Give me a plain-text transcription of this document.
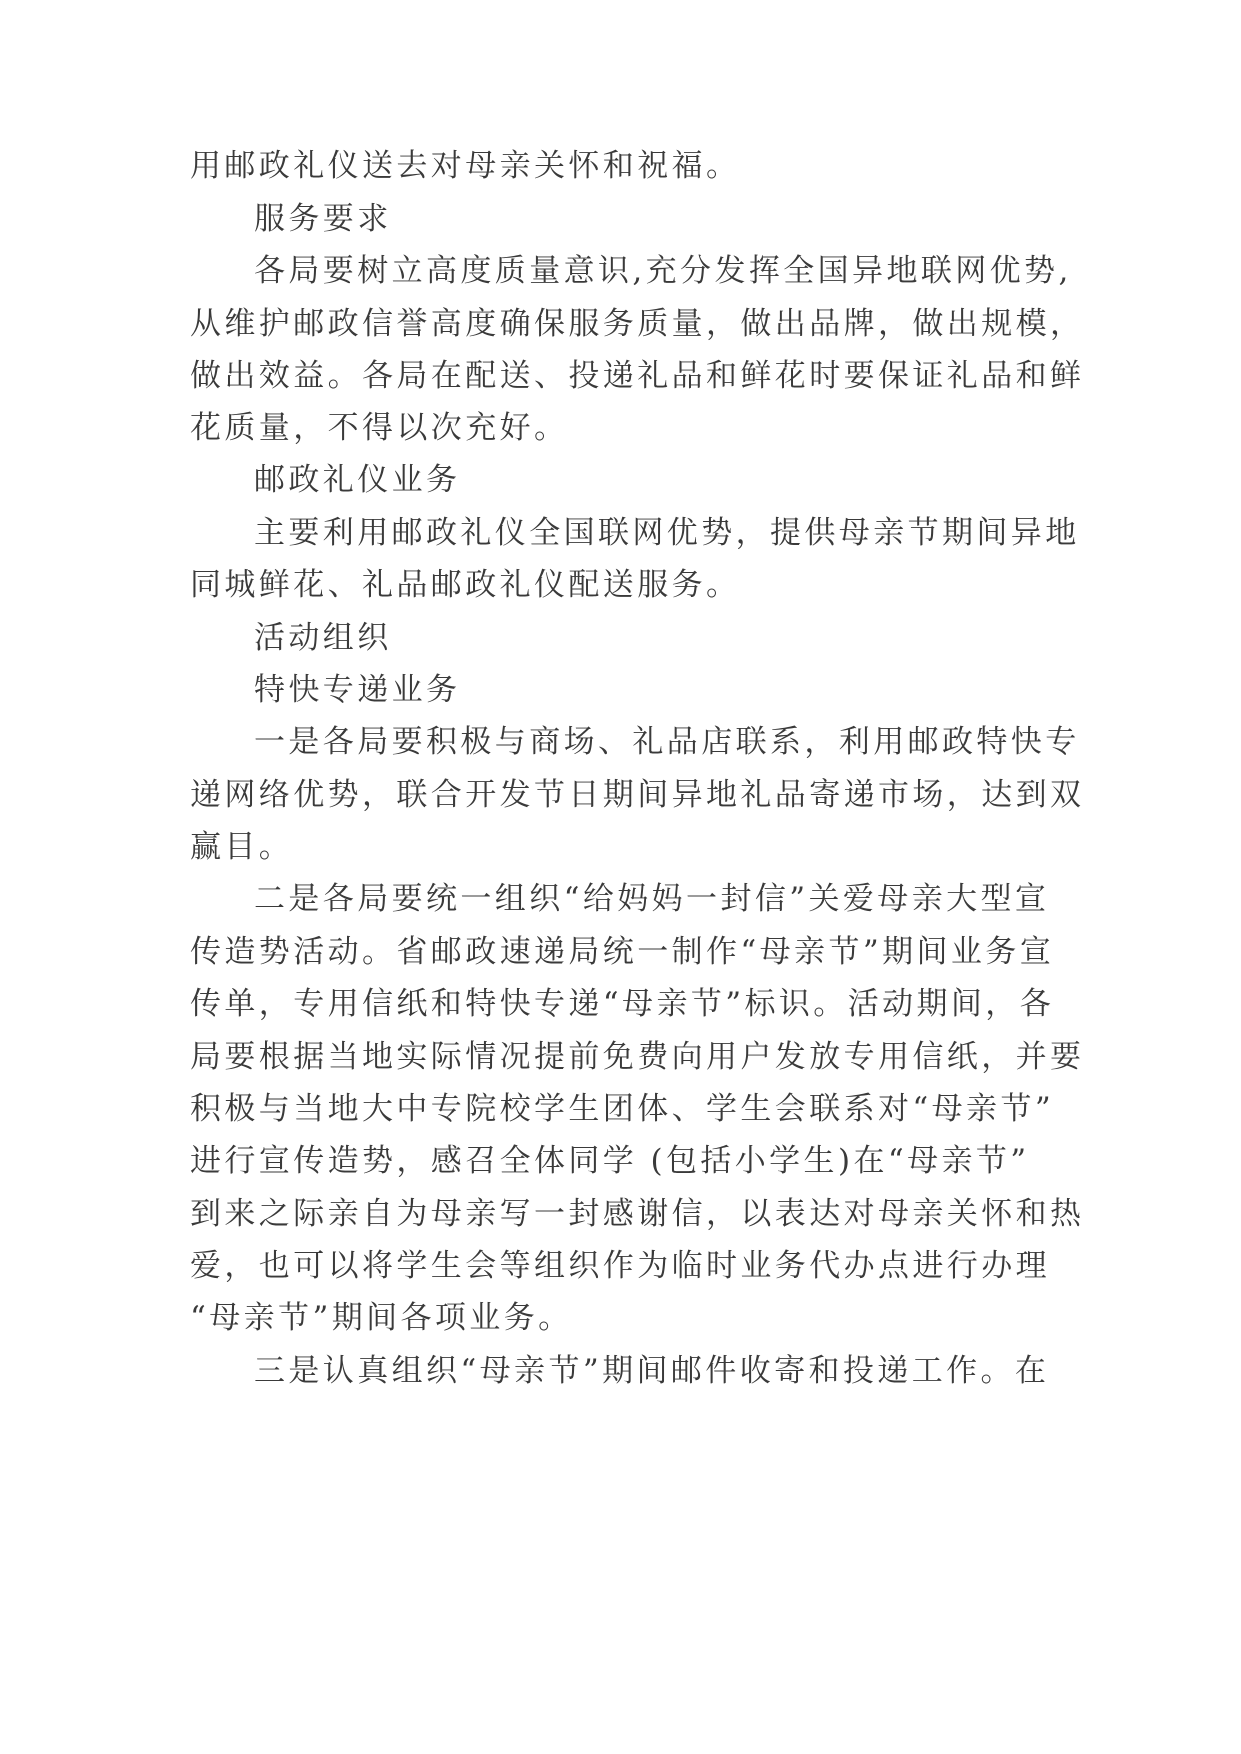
用邮政礼仪送去对母亲关怀和祝福。
服务要求
各局要树立高度质量意识,充分发挥全国异地联网优势,
从维护邮政信誉高度确保服务质量，做出品牌，做出规模，
做出效益。各局在配送、投递礼品和鲜花时要保证礼品和鲜
花质量，不得以次充好。
邮政礼仪业务
主要利用邮政礼仪全国联网优势，提供母亲节期间异地
同城鲜花、礼品邮政礼仪配送服务。
活动组织
特快专递业务
一是各局要积极与商场、礼品店联系，利用邮政特快专
递网络优势，联合开发节日期间异地礼品寄递市场，达到双
赢目。
二是各局要统一组织“给妈妈一封信”关爱母亲大型宣
传造势活动。省邮政速递局统一制作“母亲节”期间业务宣
传单，专用信纸和特快专递“母亲节”标识。活动期间，各
局要根据当地实际情况提前免费向用户发放专用信纸，并要
积极与当地大中专院校学生团体、学生会联系对“母亲节”
进行宣传造势，感召全体同学 (包括小学生)在“母亲节”
到来之际亲自为母亲写一封感谢信，以表达对母亲关怀和热
爱，也可以将学生会等组织作为临时业务代办点进行办理
“母亲节”期间各项业务。
三是认真组织“母亲节”期间邮件收寄和投递工作。在
